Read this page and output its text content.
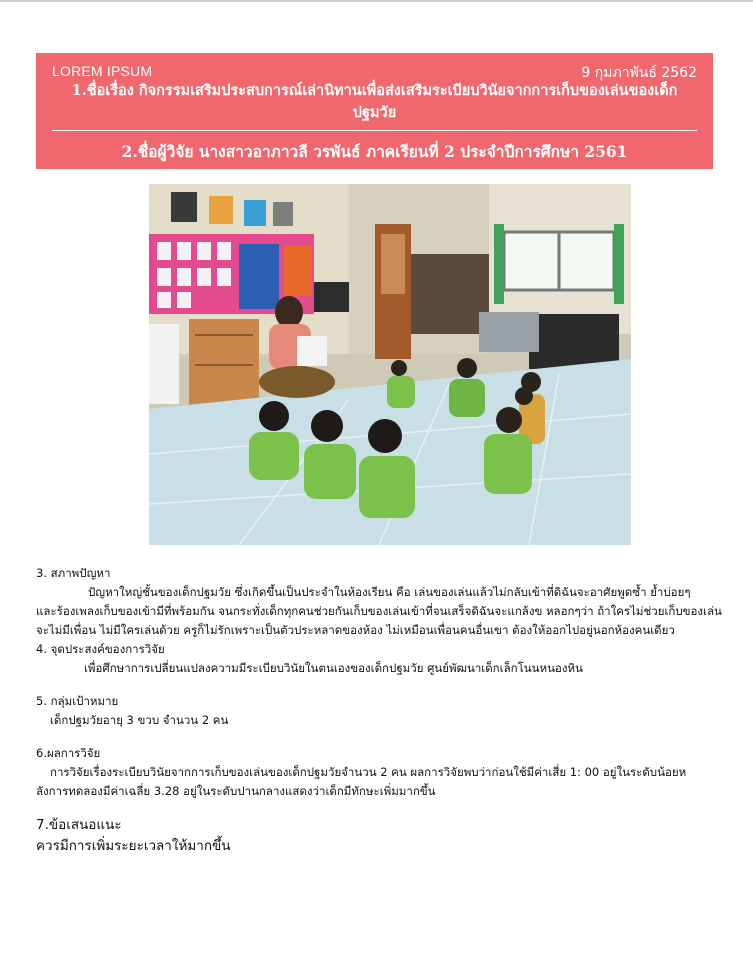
LOREM IPSUM	9 กุมภาพันธ์ 2562
1.ชื่อเรื่อง กิจกรรมเสริมประสบการณ์เล่านิทานเพื่อส่งเสริมระเบียบวินัยจากการเก็บของเล่นของเด็กปฐมวัย
2.ชื่อผู้วิจัย นางสาวอาภาวลี วรพันธ์ ภาคเรียนที่ 2 ประจำปีการศึกษา 2561

3. สภาพปัญหา

ปัญหาใหญ่ชั้นของเด็กปฐมวัย ซึ่งเกิดขึ้นเป็นประจำในห้องเรียน คือ เล่นของเล่นแล้วไม่กลับเข้าที่ดิฉันจะอาศัยพูดซ้ำ ย้ำบ่อยๆ

และร้องเพลงเก็บของเข้ามีที่พร้อมกัน จนกระทั่งเด็กทุกคนช่วยกันเก็บของเล่นเข้าที่จนเสร็จดิฉันจะแกล้งข หลอกๆว่า ถ้าใครไม่ช่วยเก็บของเล่น จะไม่มีเพื่อน ไม่มีใครเล่นด้วย ครูก็ไม่รักเพราะเป็นตัวประหลาดของห้อง ไม่เหมือนเพื่อนคนอื่นเขา ต้องให้ออกไปอยู่นอกห้องคนเดียว

4. จุดประสงค์ของการวิจัย

เพื่อศึกษาการเปลี่ยนแปลงความมีระเบียบวินัยในตนเองของเด็กปฐมวัย ศูนย์พัฒนาเด็กเล็กโนนหนองหิน

5. กลุ่มเป้าหมาย

เด็กปฐมวัยอายุ 3 ขวบ จำนวน 2 คน

6.ผลการวิจัย

การวิจัยเรื่องระเบียบวินัยจากการเก็บของเล่นของเด็กปฐมวัยจำนวน 2 คน ผลการวิจัยพบว่าก่อนใช้มีค่าเสี่ย 1: 00 อยู่ในระดับน้อยห

ลังการทดลองมีค่าเฉลี่ย 3.28 อยู่ในระดับปานกลางแสดงว่าเด็กมีทักษะเพิ่มมากขึ้น

7.ข้อเสนอแนะ

ควรมีการเพิ่มระยะเวลาให้มากขึ้น
